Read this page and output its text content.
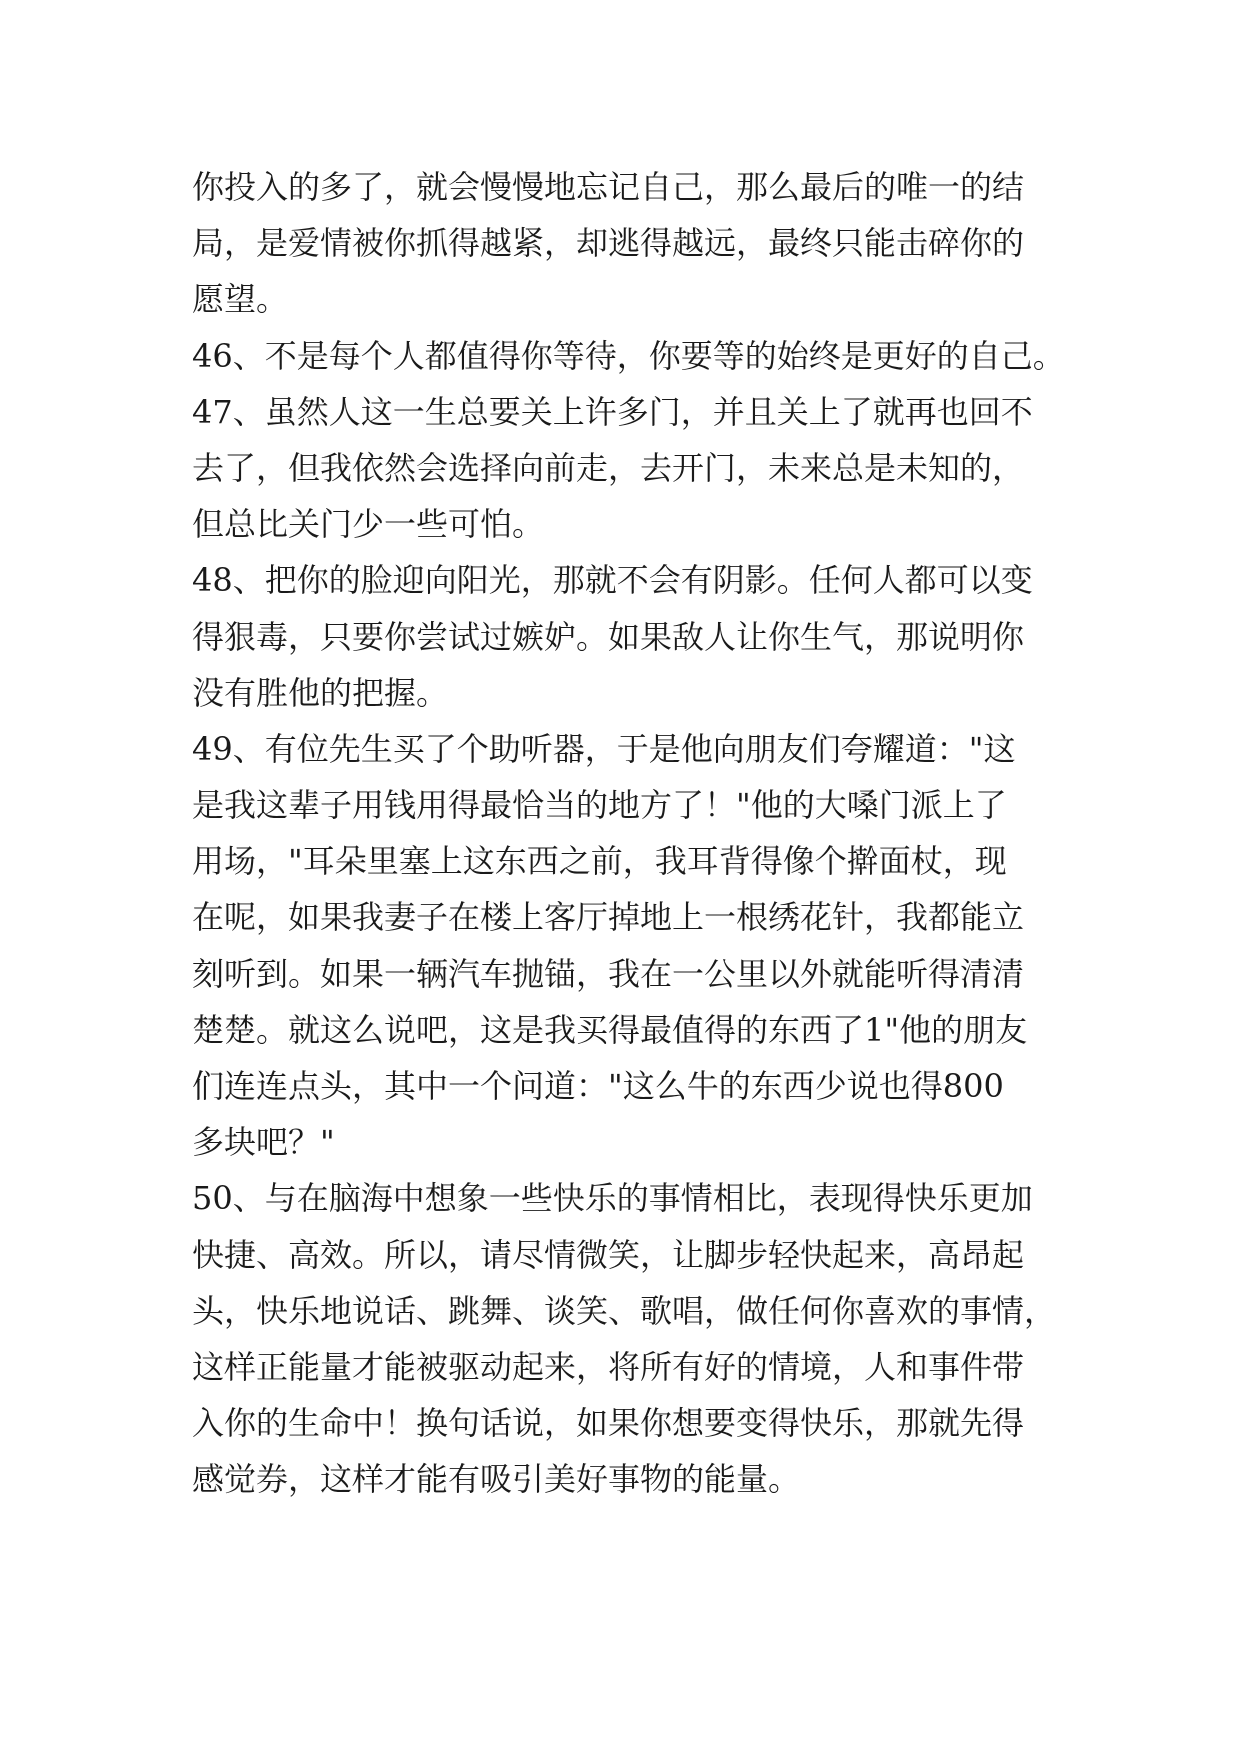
你投入的多了，就会慢慢地忘记自己，那么最后的唯一的结
局，是爱情被你抓得越紧，却逃得越远，最终只能击碎你的
愿望。
46、不是每个人都值得你等待，你要等的始终是更好的自己。
47、虽然人这一生总要关上许多门，并且关上了就再也回不
去了，但我依然会选择向前走，去开门，未来总是未知的，
但总比关门少一些可怕。
48、把你的脸迎向阳光，那就不会有阴影。任何人都可以变
得狠毒，只要你尝试过嫉妒。如果敌人让你生气，那说明你
没有胜他的把握。
49、有位先生买了个助听器，于是他向朋友们夸耀道："这
是我这辈子用钱用得最恰当的地方了！"他的大嗓门派上了
用场，"耳朵里塞上这东西之前，我耳背得像个擀面杖，现
在呢，如果我妻子在楼上客厅掉地上一根绣花针，我都能立
刻听到。如果一辆汽车抛锚，我在一公里以外就能听得清清
楚楚。就这么说吧，这是我买得最值得的东西了1"他的朋友
们连连点头，其中一个问道："这么牛的东西少说也得800
多块吧？"
50、与在脑海中想象一些快乐的事情相比，表现得快乐更加
快捷、高效。所以，请尽情微笑，让脚步轻快起来，高昂起
头，快乐地说话、跳舞、谈笑、歌唱，做任何你喜欢的事情，
这样正能量才能被驱动起来，将所有好的情境，人和事件带
入你的生命中！换句话说，如果你想要变得快乐，那就先得
感觉券，这样才能有吸引美好事物的能量。
